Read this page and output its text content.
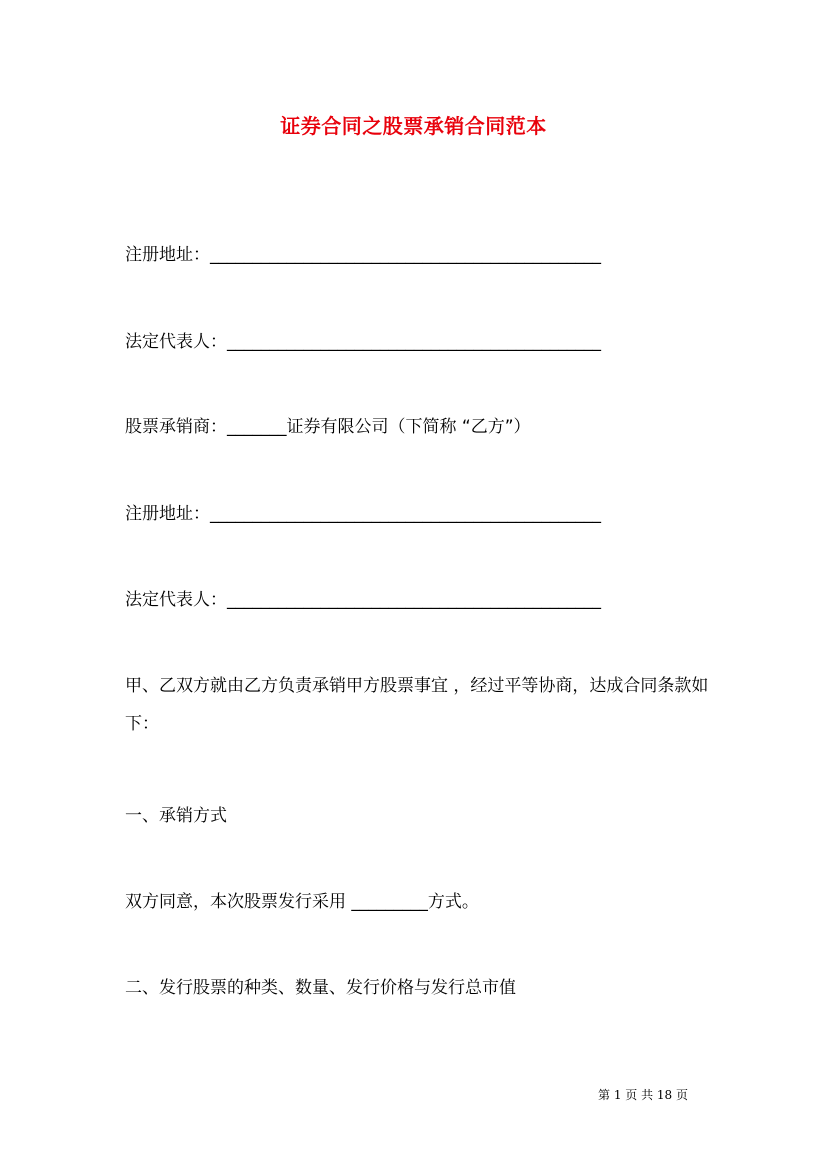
证券合同之股票承销合同范本
注册地址：______________________________________________
法定代表人：____________________________________________
股票承销商：_______证券有限公司（下简称 “乙方”）
注册地址：______________________________________________
法定代表人：____________________________________________
甲、乙双方就由乙方负责承销甲方股票事宜 ，经过平等协商，达成合同条款如下：
一、承销方式
双方同意，本次股票发行采用 _________方式。
二、发行股票的种类、数量、发行价格与发行总市值
第 1 页 共 18 页
